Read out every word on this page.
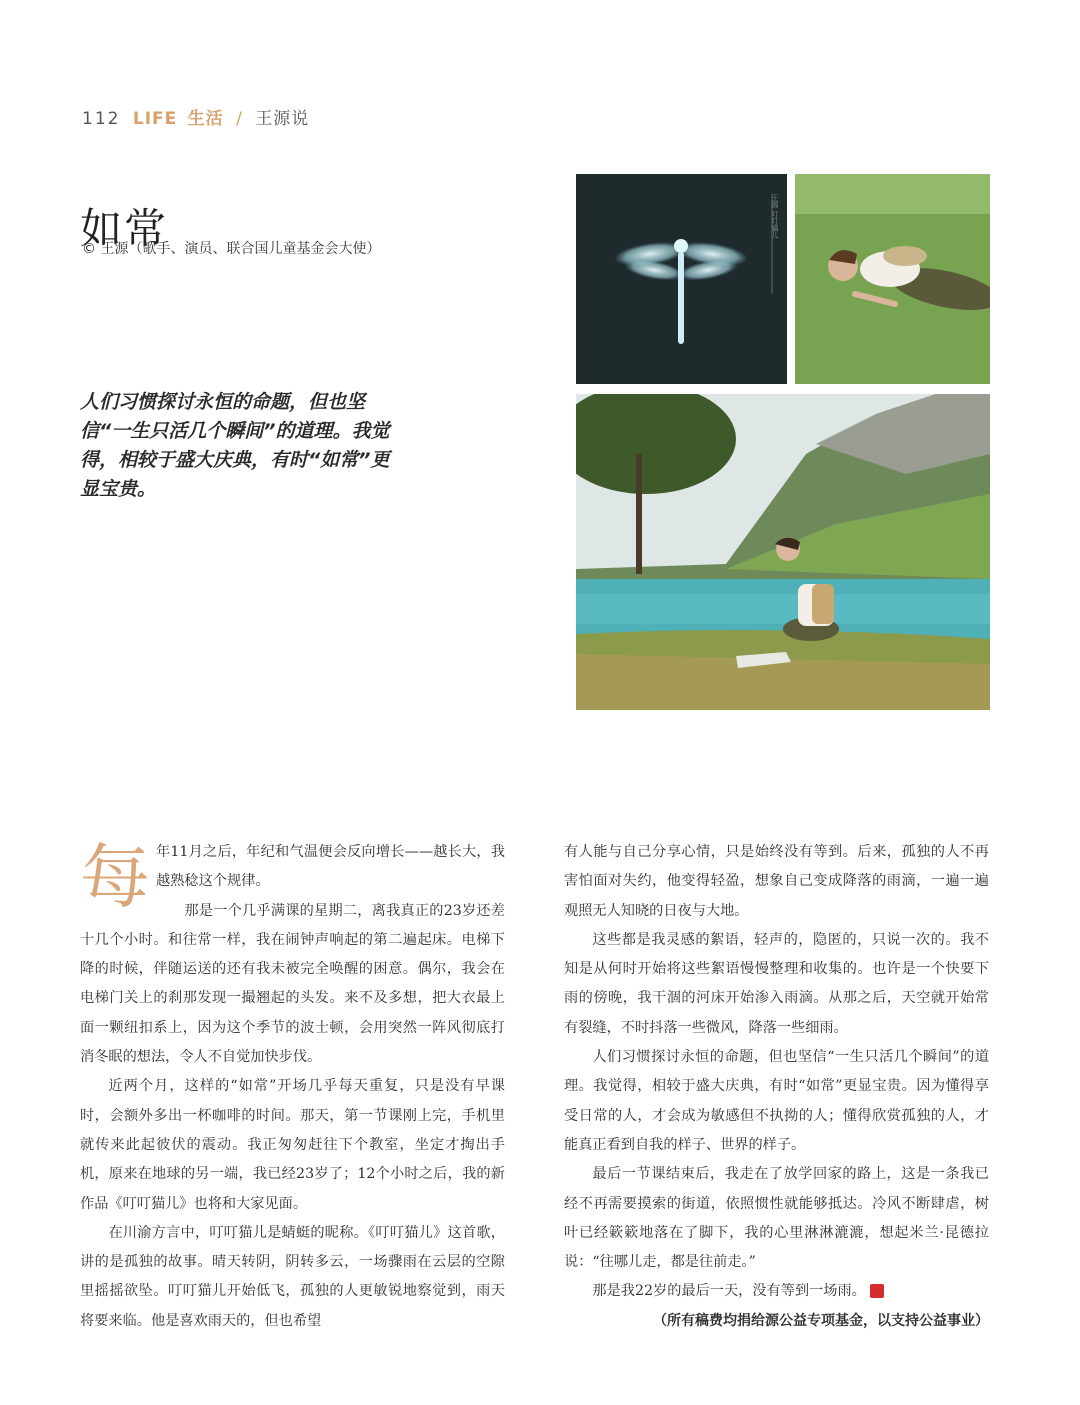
112 LIFE 生活 / 王源说
如常
© 王源（歌手、演员、联合国儿童基金会大使）
人们习惯探讨永恒的命题，但也坚信“一生只活几个瞬间”的道理。我觉得，相较于盛大庆典，有时“如常”更显宝贵。
王源 叮叮猫儿
每 年11月之后，年纪和气温便会反向增长——越长大，我越熟稔这个规律。

那是一个几乎满课的星期二，离我真正的23岁还差十几个小时。和往常一样，我在闹钟声响起的第二遍起床。电梯下降的时候，伴随运送的还有我未被完全唤醒的困意。偶尔，我会在电梯门关上的刹那发现一撮翘起的头发。来不及多想，把大衣最上面一颗纽扣系上，因为这个季节的波士顿，会用突然一阵风彻底打消冬眠的想法，令人不自觉加快步伐。

近两个月，这样的“如常”开场几乎每天重复，只是没有早课时，会额外多出一杯咖啡的时间。那天，第一节课刚上完，手机里就传来此起彼伏的震动。我正匆匆赶往下个教室，坐定才掏出手机，原来在地球的另一端，我已经23岁了；12个小时之后，我的新作品《叮叮猫儿》也将和大家见面。

在川渝方言中，叮叮猫儿是蜻蜓的昵称。《叮叮猫儿》这首歌，讲的是孤独的故事。晴天转阴，阴转多云，一场骤雨在云层的空隙里摇摇欲坠。叮叮猫儿开始低飞，孤独的人更敏锐地察觉到，雨天将要来临。他是喜欢雨天的，但也希望

有人能与自己分享心情，只是始终没有等到。后来，孤独的人不再害怕面对失约，他变得轻盈，想象自己变成降落的雨滴，一遍一遍观照无人知晓的日夜与大地。

这些都是我灵感的絮语，轻声的，隐匿的，只说一次的。我不知是从何时开始将这些絮语慢慢整理和收集的。也许是一个快要下雨的傍晚，我干涸的河床开始渗入雨滴。从那之后，天空就开始常有裂缝，不时抖落一些微风，降落一些细雨。

人们习惯探讨永恒的命题，但也坚信“一生只活几个瞬间”的道理。我觉得，相较于盛大庆典，有时“如常”更显宝贵。因为懂得享受日常的人，才会成为敏感但不执拗的人；懂得欣赏孤独的人，才能真正看到自我的样子、世界的样子。

最后一节课结束后，我走在了放学回家的路上，这是一条我已经不再需要摸索的街道，依照惯性就能够抵达。冷风不断肆虐，树叶已经簌簌地落在了脚下，我的心里淋淋漉漉，想起米兰·昆德拉说：“往哪儿走，都是往前走。”

那是我22岁的最后一天，没有等到一场雨。	G

（所有稿费均捐给源公益专项基金，以支持公益事业）
